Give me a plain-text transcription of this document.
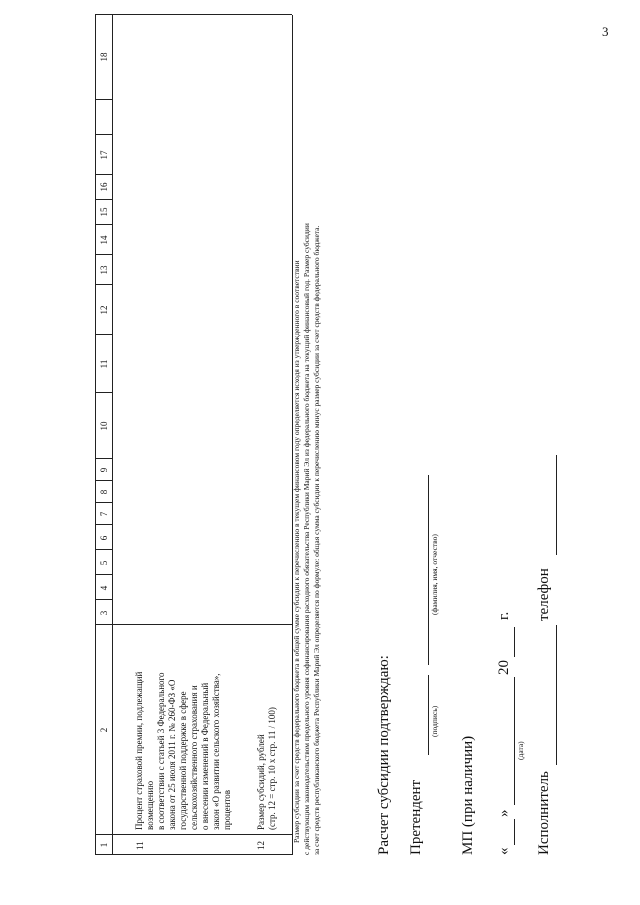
3
1
2
3
4
5
6
7
8
9
10
11
12
13
14
15
16
17
18
11
Процент страховой премии, подлежащий возмещению в соответствии с статьей 3 Федерального закона от 25 июля 2011 г. № 260-ФЗ «О государственной поддержке в сфере сельскохозяйственного страхования и о внесении изменений в Федеральный закон «О развитии сельского хозяйства», процентов
12
Размер субсидий, рублей (стр. 12 = стр. 10 х стр. 11 / 100) Размер субсидии за счет средств федерального бюджета в общей сумме субсидии к перечислению в текущем финансовом году определяется исходя из утвержденного в соответствии с действующим законодательством предельного уровня софинансирования расходного обязательства Республики Марий Эл из федерального бюджета на текущий финансовый год. Размер субсидии за счет средств республиканского бюджета Республики Марий Эл определяется по формуле: общая сумма субсидии к перечислению минус размер субсидии за счет средств федерального бюджета.	Расчет субсидии подтверждаю: Претендент
(подпись)
(фамилия, имя, отчество)
МП (при наличии) «
»
20
г.
(дата)
Исполнитель
телефон
